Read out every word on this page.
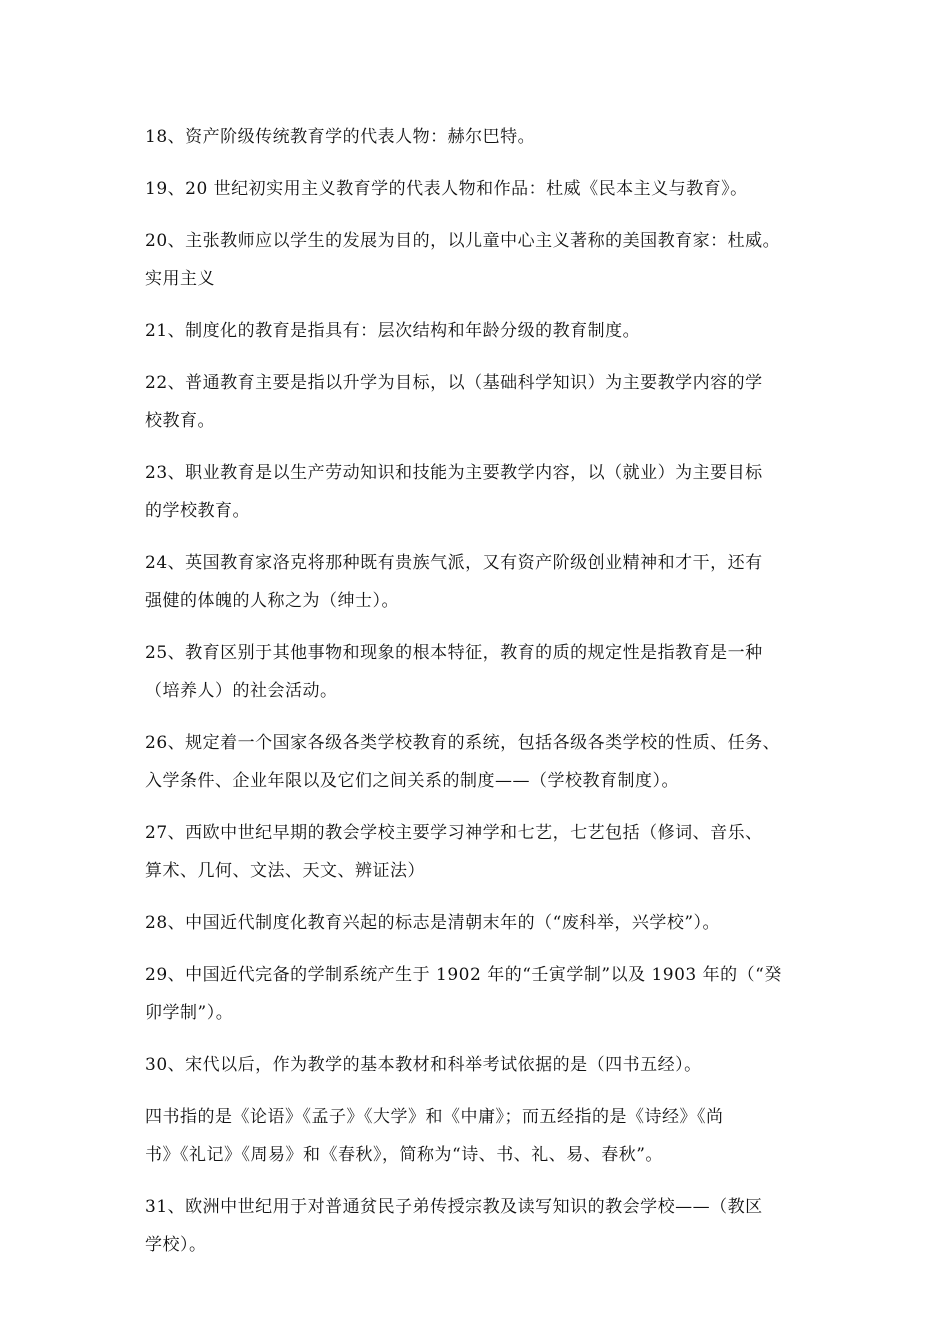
18、资产阶级传统教育学的代表人物：赫尔巴特。

19、20 世纪初实用主义教育学的代表人物和作品：杜威《民本主义与教育》。

20、主张教师应以学生的发展为目的，以儿童中心主义著称的美国教育家：杜威。
实用主义

21、制度化的教育是指具有：层次结构和年龄分级的教育制度。

22、普通教育主要是指以升学为目标，以（基础科学知识）为主要教学内容的学
校教育。

23、职业教育是以生产劳动知识和技能为主要教学内容，以（就业）为主要目标
的学校教育。

24、英国教育家洛克将那种既有贵族气派，又有资产阶级创业精神和才干，还有
强健的体魄的人称之为（绅士）。

25、教育区别于其他事物和现象的根本特征，教育的质的规定性是指教育是一种
（培养人）的社会活动。

26、规定着一个国家各级各类学校教育的系统，包括各级各类学校的性质、任务、
入学条件、企业年限以及它们之间关系的制度——（学校教育制度）。

27、西欧中世纪早期的教会学校主要学习神学和七艺，七艺包括（修词、音乐、
算术、几何、文法、天文、辨证法）

28、中国近代制度化教育兴起的标志是清朝末年的（“废科举，兴学校”）。

29、中国近代完备的学制系统产生于 1902 年的“壬寅学制”以及 1903 年的（“癸
卯学制”）。

30、宋代以后，作为教学的基本教材和科举考试依据的是（四书五经）。

四书指的是《论语》《孟子》《大学》和《中庸》；而五经指的是《诗经》《尚
书》《礼记》《周易》和《春秋》，简称为“诗、书、礼、易、春秋”。

31、欧洲中世纪用于对普通贫民子弟传授宗教及读写知识的教会学校——（教区
学校）。
